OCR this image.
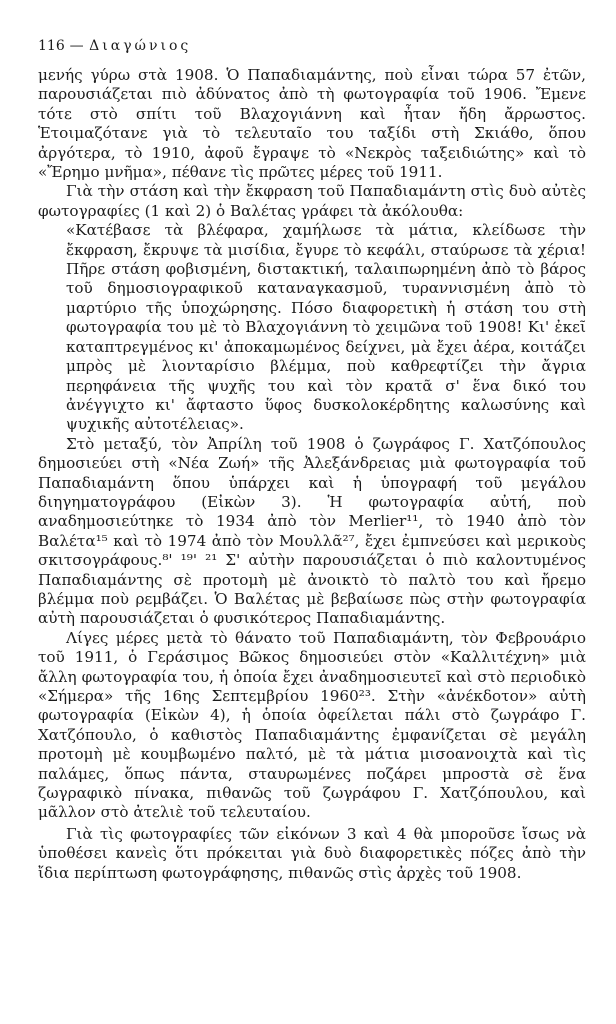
116 — Διαγώνιος

μενής γύρω στὰ 1908. Ὁ Παπαδιαμάντης, ποὺ εἶναι τώρα 57 ἐτῶν, παρουσιάζεται πιὸ ἀδύνατος ἀπὸ τὴ φωτογραφία τοῦ 1906. Ἔμενε τότε στὸ σπίτι τοῦ Βλαχογιάννη καὶ ἦταν ἤδη ἄρρωστος. Ἑτοιμαζότανε γιὰ τὸ τελευταῖο του ταξίδι στὴ Σκιάθο, ὅπου ἀργότερα, τὸ 1910, ἀφοῦ ἔγραψε τὸ «Νεκρὸς ταξειδιώτης» καὶ τὸ «Ἔρημο μνῆμα», πέθανε τὶς πρῶτες μέρες τοῦ 1911.

Γιὰ τὴν στάση καὶ τὴν ἔκφραση τοῦ Παπαδιαμάντη στὶς δυὸ αὐτὲς φωτογραφίες (1 καὶ 2) ὁ Βαλέτας γράφει τὰ ἀκόλουθα:

«Κατέβασε τὰ βλέφαρα, χαμήλωσε τὰ μάτια, κλείδωσε τὴν ἔκφραση, ἔκρυψε τὰ μισίδια, ἔγυρε τὸ κεφάλι, σταύρωσε τὰ χέρια! Πῆρε στάση φοβισμένη, διστακτική, ταλαιπωρημένη ἀπὸ τὸ βάρος τοῦ δημοσιογραφικοῦ καταναγκασμοῦ, τυραννισμένη ἀπὸ τὸ μαρτύριο τῆς ὑποχώρησης. Πόσο διαφορετικὴ ἡ στάση του στὴ φωτογραφία του μὲ τὸ Βλαχογιάννη τὸ χειμῶνα τοῦ 1908! Κι' ἐκεῖ καταπτρεγμένος κι' ἀποκαμωμένος δείχνει, μὰ ἔχει ἀέρα, κοιτάζει μπρὸς μὲ λιονταρίσιο βλέμμα, ποὺ καθρεφτίζει τὴν ἄγρια περηφάνεια τῆς ψυχῆς του καὶ τὸν κρατᾶ σ' ἕνα δικό του ἀνέγγιχτο κι' ἄφταστο ὕφος δυσκολοκέρδητης καλωσύνης καὶ ψυχικῆς αὐτοτέλειας».

Στὸ μεταξύ, τὸν Ἀπρίλη τοῦ 1908 ὁ ζωγράφος Γ. Χατζόπουλος δημοσιεύει στὴ «Νέα Ζωή» τῆς Ἀλεξάνδρειας μιὰ φωτογραφία τοῦ Παπαδιαμάντη ὅπου ὑπάρχει καὶ ἡ ὑπογραφή τοῦ μεγάλου διηγηματογράφου (Εἰκὼν 3). Ἡ φωτογραφία αὐτή, ποὺ αναδημοσιεύτηκε τὸ 1934 ἀπὸ τὸν Merlier¹¹, τὸ 1940 ἀπὸ τὸν Βαλέτα¹⁵ καὶ τὸ 1974 ἀπὸ τὸν Μουλλᾶ²⁷, ἔχει ἐμπνεύσει καὶ μερικοὺς σκιτσογράφους.⁸' ¹⁹' ²¹ Σ' αὐτὴν παρουσιάζεται ὁ πιὸ καλοντυμένος Παπαδιαμάντης σὲ προτομὴ μὲ ἀνοικτὸ τὸ παλτὸ του καὶ ἤρεμο βλέμμα ποὺ ρεμβάζει. Ὁ Βαλέτας μὲ βεβαίωσε πὼς στὴν φωτογραφία αὐτὴ παρουσιάζεται ὁ φυσικότερος Παπαδιαμάντης.

Λίγες μέρες μετὰ τὸ θάνατο τοῦ Παπαδιαμάντη, τὸν Φεβρουάριο τοῦ 1911, ὁ Γεράσιμος Βῶκος δημοσιεύει στὸν «Καλλιτέχνη» μιὰ ἄλλη φωτογραφία του, ἡ ὁποία ἔχει ἀναδημοσιευτεῖ καὶ στὸ περιοδικὸ «Σήμερα» τῆς 16ης Σεπτεμβρίου 1960²³. Στὴν «ἀνέκδοτον» αὐτὴ φωτογραφία (Εἰκὼν 4), ἡ ὁποία ὀφείλεται πάλι στὸ ζωγράφο Γ. Χατζόπουλο, ὁ καθιστὸς Παπαδιαμάντης ἐμφανίζεται σὲ μεγάλη προτομὴ μὲ κουμβωμένο παλτό, μὲ τὰ μάτια μισοανοιχτὰ καὶ τὶς παλάμες, ὅπως πάντα, σταυρωμένες ποζάρει μπροστὰ σὲ ἕνα ζωγραφικὸ πίνακα, πιθανῶς τοῦ ζωγράφου Γ. Χατζόπουλου, καὶ μᾶλλον στὸ ἀτελιὲ τοῦ τελευταίου.

Γιὰ τὶς φωτογραφίες τῶν εἰκόνων 3 καὶ 4 θὰ μποροῦσε ἴσως νὰ ὑποθέσει κανεὶς ὅτι πρόκειται γιὰ δυὸ διαφορετικὲς πόζες ἀπὸ τὴν ἴδια περίπτωση φωτογράφησης, πιθανῶς στὶς ἀρχὲς τοῦ 1908.
